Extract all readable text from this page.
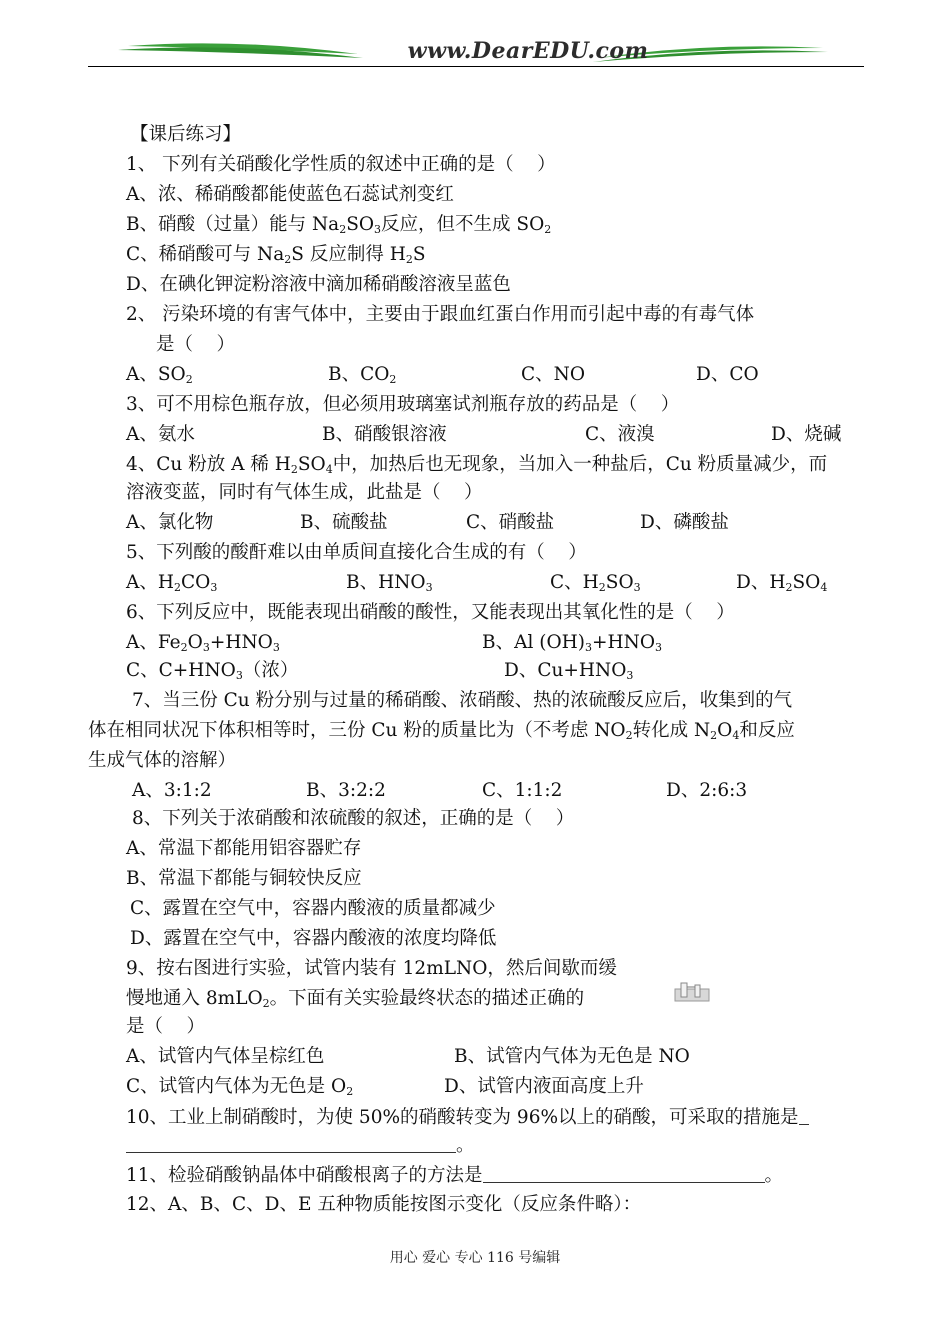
www.DearEDU.com
【课后练习】
1、 下列有关硝酸化学性质的叙述中正确的是（    ）
A、浓、稀硝酸都能使蓝色石蕊试剂变红
B、硝酸（过量）能与 $Na_2SO_3$反应，但不生成 $SO_2$
C、稀硝酸可与 $Na_2S$ 反应制得 $H_2S$
D、在碘化钾淀粉溶液中滴加稀硝酸溶液呈蓝色
2、 污染环境的有害气体中，主要由于跟血红蛋白作用而引起中毒的有毒气体
是（    ）
A、$SO_2$	B、$CO_2$	C、NO	D、CO
3、可不用棕色瓶存放，但必须用玻璃塞试剂瓶存放的药品是（    ）
A、氨水	B、硝酸银溶液	C、液溴	D、烧碱
4、Cu 粉放 A 稀 $H_2SO_4$中，加热后也无现象，当加入一种盐后，Cu 粉质量减少，而
溶液变蓝，同时有气体生成，此盐是（    ）
A、氯化物	B、硫酸盐	C、硝酸盐	D、磷酸盐
5、下列酸的酸酐难以由单质间直接化合生成的有（    ）
A、$H_2CO_3$	B、$HNO_3$	C、$H_2SO_3$	D、$H_2SO_4$
6、下列反应中，既能表现出硝酸的酸性，又能表现出其氧化性的是（    ）
A、$Fe_2O_3+HNO_3$	B、Al $(OH)_3+HNO_3$
C、$C+HNO_3$（浓）	D、$Cu+HNO_3$
7、当三份 Cu 粉分别与过量的稀硝酸、浓硝酸、热的浓硫酸反应后，收集到的气
体在相同状况下体积相等时，三份 Cu 粉的质量比为（不考虑 $NO_2$转化成 $N_2O_4$和反应
生成气体的溶解）
A、3:1:2	B、3:2:2	C、1:1:2	D、2:6:3
8、下列关于浓硝酸和浓硫酸的叙述，正确的是（    ）
A、常温下都能用铝容器贮存
B、常温下都能与铜较快反应
C、露置在空气中，容器内酸液的质量都减少
D、露置在空气中，容器内酸液的浓度均降低
9、按右图进行实验，试管内装有 12mLNO，然后间歇而缓
慢地通入 8mLO$_2$。下面有关实验最终状态的描述正确的
是（    ）
A、试管内气体呈棕红色	B、试管内气体为无色是 NO
C、试管内气体为无色是 $O_2$	D、试管内液面高度上升
10、工业上制硝酸时，为使 50%的硝酸转变为 96%以上的硝酸，可采取的措施是
。
11、检验硝酸钠晶体中硝酸根离子的方法是	。
12、A、B、C、D、E 五种物质能按图示变化（反应条件略）：
用心 爱心 专心 116 号编辑
